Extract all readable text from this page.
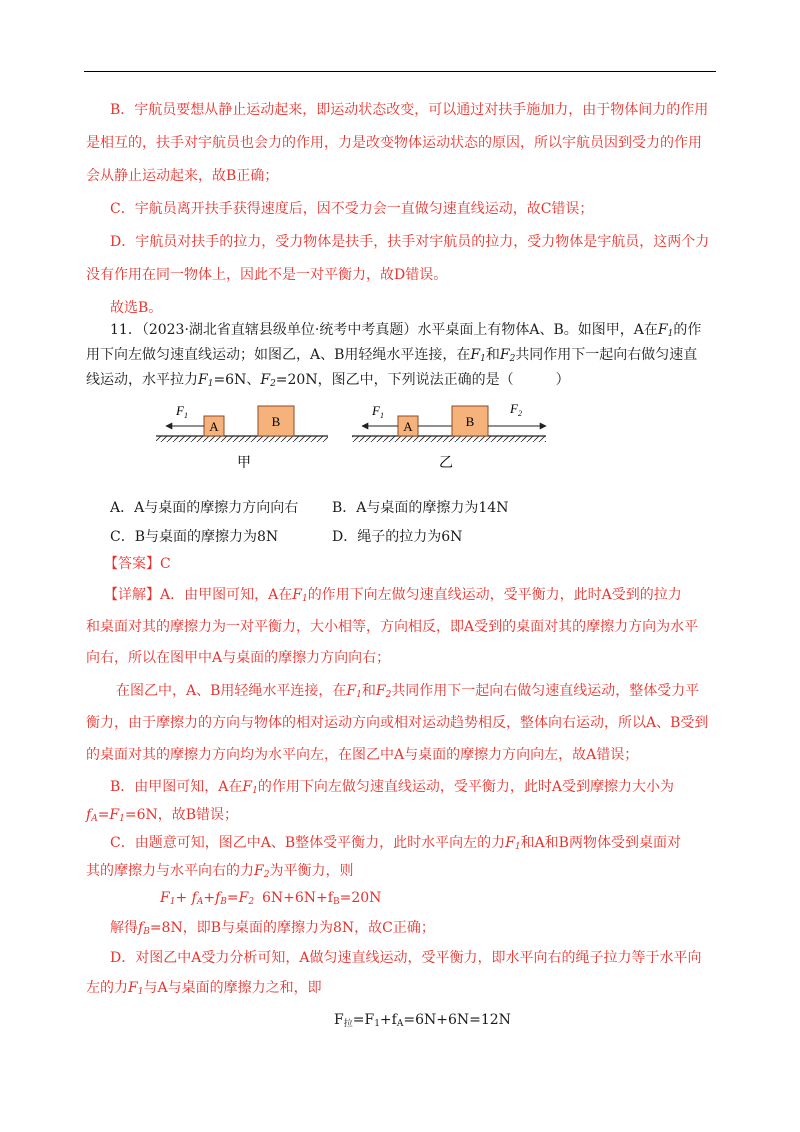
B．宇航员要想从静止运动起来，即运动状态改变，可以通过对扶手施加力，由于物体间力的作用
是相互的，扶手对宇航员也会力的作用，力是改变物体运动状态的原因，所以宇航员因到受力的作用
会从静止运动起来，故B正确；
C．宇航员离开扶手获得速度后，因不受力会一直做匀速直线运动，故C错误；
D．宇航员对扶手的拉力，受力物体是扶手，扶手对宇航员的拉力，受力物体是宇航员，这两个力
没有作用在同一物体上，因此不是一对平衡力，故D错误。
故选B。
11．（2023·湖北省直辖县级单位·统考中考真题）水平桌面上有物体A、B。如图甲，A在$F_1$的作
用下向左做匀速直线运动；如图乙，A、B用轻绳水平连接，在$F_1$和$F_2$共同作用下一起向右做匀速直
线运动，水平拉力$F_1=6N$、$F_2=20N$，图乙中，下列说法正确的是（　　　）
A	B
$F_1$
甲
A	B
$F_1$	$F_2$
乙
A．A与桌面的摩擦力方向向右 B．A与桌面的摩擦力为14N
C．B与桌面的摩擦力为8N	D．绳子的拉力为6N
【答案】C
【详解】A．由甲图可知，A在$F_1$的作用下向左做匀速直线运动，受平衡力，此时A受到的拉力
和桌面对其的摩擦力为一对平衡力，大小相等，方向相反，即A受到的桌面对其的摩擦力方向为水平
向右，所以在图甲中A与桌面的摩擦力方向向右；
在图乙中，A、B用轻绳水平连接，在$F_1$和$F_2$共同作用下一起向右做匀速直线运动，整体受力平
衡力，由于摩擦力的方向与物体的相对运动方向或相对运动趋势相反，整体向右运动，所以A、B受到
的桌面对其的摩擦力方向均为水平向左，在图乙中A与桌面的摩擦力方向向左，故A错误；
B．由甲图可知，A在$F_1$的作用下向左做匀速直线运动，受平衡力，此时A受到摩擦力大小为
$f_A=F_1=6N$，故B错误；
C．由题意可知，图乙中A、B整体受平衡力，此时水平向左的力$F_1$和A和B两物体受到桌面对
其的摩擦力与水平向右的力$F_2$为平衡力，则
$F_1+ f_A+f_B=F_2$ $6N+6N+f_B=20N$
解得$f_B=8N$，即B与桌面的摩擦力为8N，故C正确；
D．对图乙中A受力分析可知，A做匀速直线运动，受平衡力，即水平向右的绳子拉力等于水平向
左的力$F_1$与A与桌面的摩擦力之和，即
$F_拉=F_1+f_A=6N+6N=12N$
